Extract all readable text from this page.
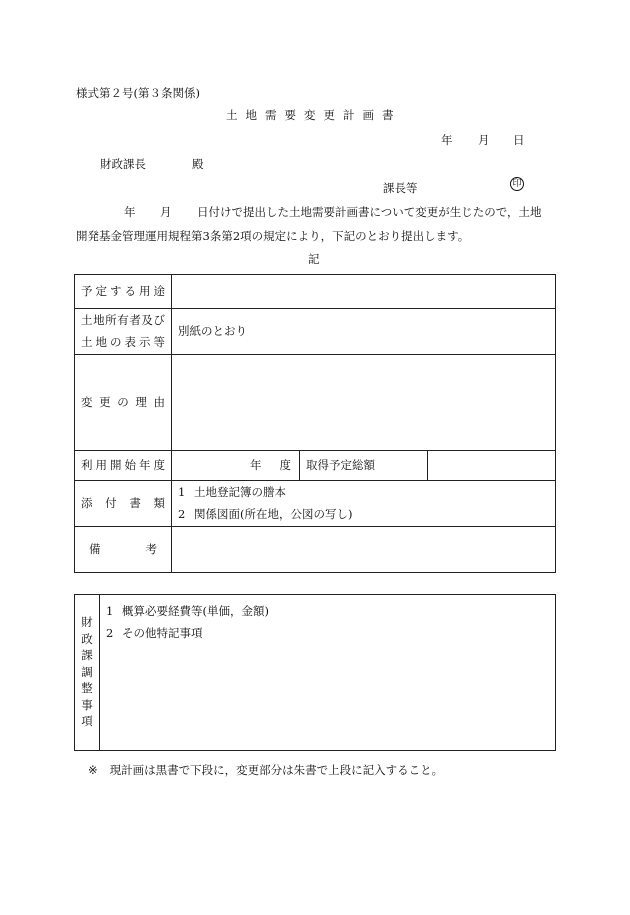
様式第２号(第３条関係)
土地需要変更計画書
年 月 日
財政課長	殿
課長等	印
年 月 日付けで提出した土地需要計画書について変更が生じたので，土地
開発基金管理運用規程第3条第2項の規定により，下記のとおり提出します。
記
予定する用途			

土地所有者及び
土地の表示等	別紙のとおり		
変更の理由			
利用開始年度	年 度	取得予定総額	
添付書類	1 土地登記簿の謄本
2 関係図面(所在地，公図の写し)		

備考			

財
政
課
調
整
事
項

1 概算必要経費等(単価，金額)
2 その他特記事項
※ 現計画は黒書で下段に，変更部分は朱書で上段に記入すること。
